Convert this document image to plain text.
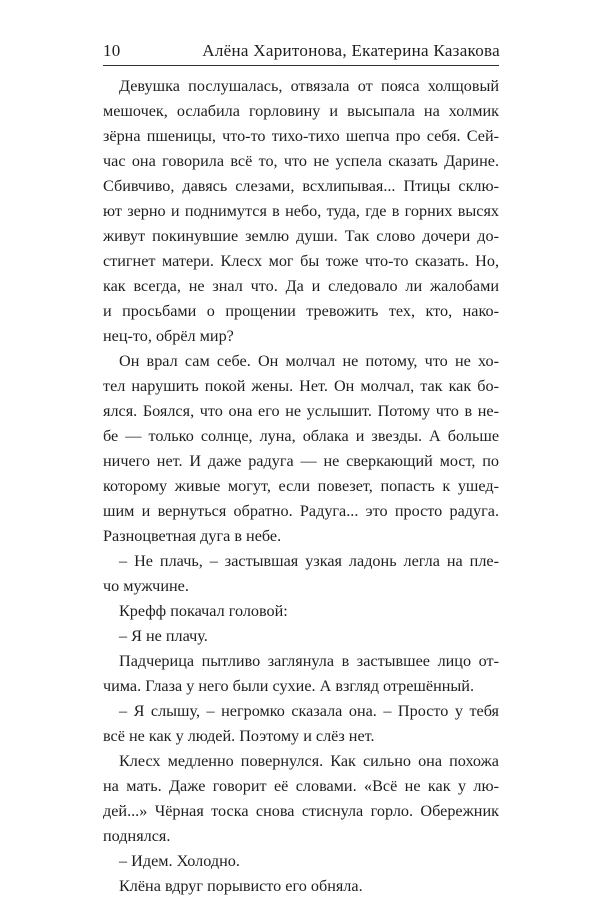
10	Алёна Харитонова, Екатерина Казакова
Девушка послушалась, отвязала от пояса холщовый
мешочек, ослабила горловину и высыпала на холмик
зёрна пшеницы, что-то тихо-тихо шепча про себя. Сей-
час она говорила всё то, что не успела сказать Дарине.
Сбивчиво, давясь слезами, всхлипывая... Птицы склю-
ют зерно и поднимутся в небо, туда, где в горних высях
живут покинувшие землю души. Так слово дочери до-
стигнет матери. Клесх мог бы тоже что-то сказать. Но,
как всегда, не знал что. Да и следовало ли жалобами
и просьбами о прощении тревожить тех, кто, нако-
нец-то, обрёл мир?
Он врал сам себе. Он молчал не потому, что не хо-
тел нарушить покой жены. Нет. Он молчал, так как бо-
ялся. Боялся, что она его не услышит. Потому что в не-
бе — только солнце, луна, облака и звезды. А больше
ничего нет. И даже радуга — не сверкающий мост, по
которому живые могут, если повезет, попасть к ушед-
шим и вернуться обратно. Радуга... это просто радуга.
Разноцветная дуга в небе.
– Не плачь, – застывшая узкая ладонь легла на пле-
чо мужчине.
Крефф покачал головой:
– Я не плачу.
Падчерица пытливо заглянула в застывшее лицо от-
чима. Глаза у него были сухие. А взгляд отрешённый.
– Я слышу, – негромко сказала она. – Просто у тебя
всё не как у людей. Поэтому и слёз нет.
Клесх медленно повернулся. Как сильно она похожа
на мать. Даже говорит её словами. «Всё не как у лю-
дей...» Чёрная тоска снова стиснула горло. Обережник
поднялся.
– Идем. Холодно.
Клёна вдруг порывисто его обняла.
